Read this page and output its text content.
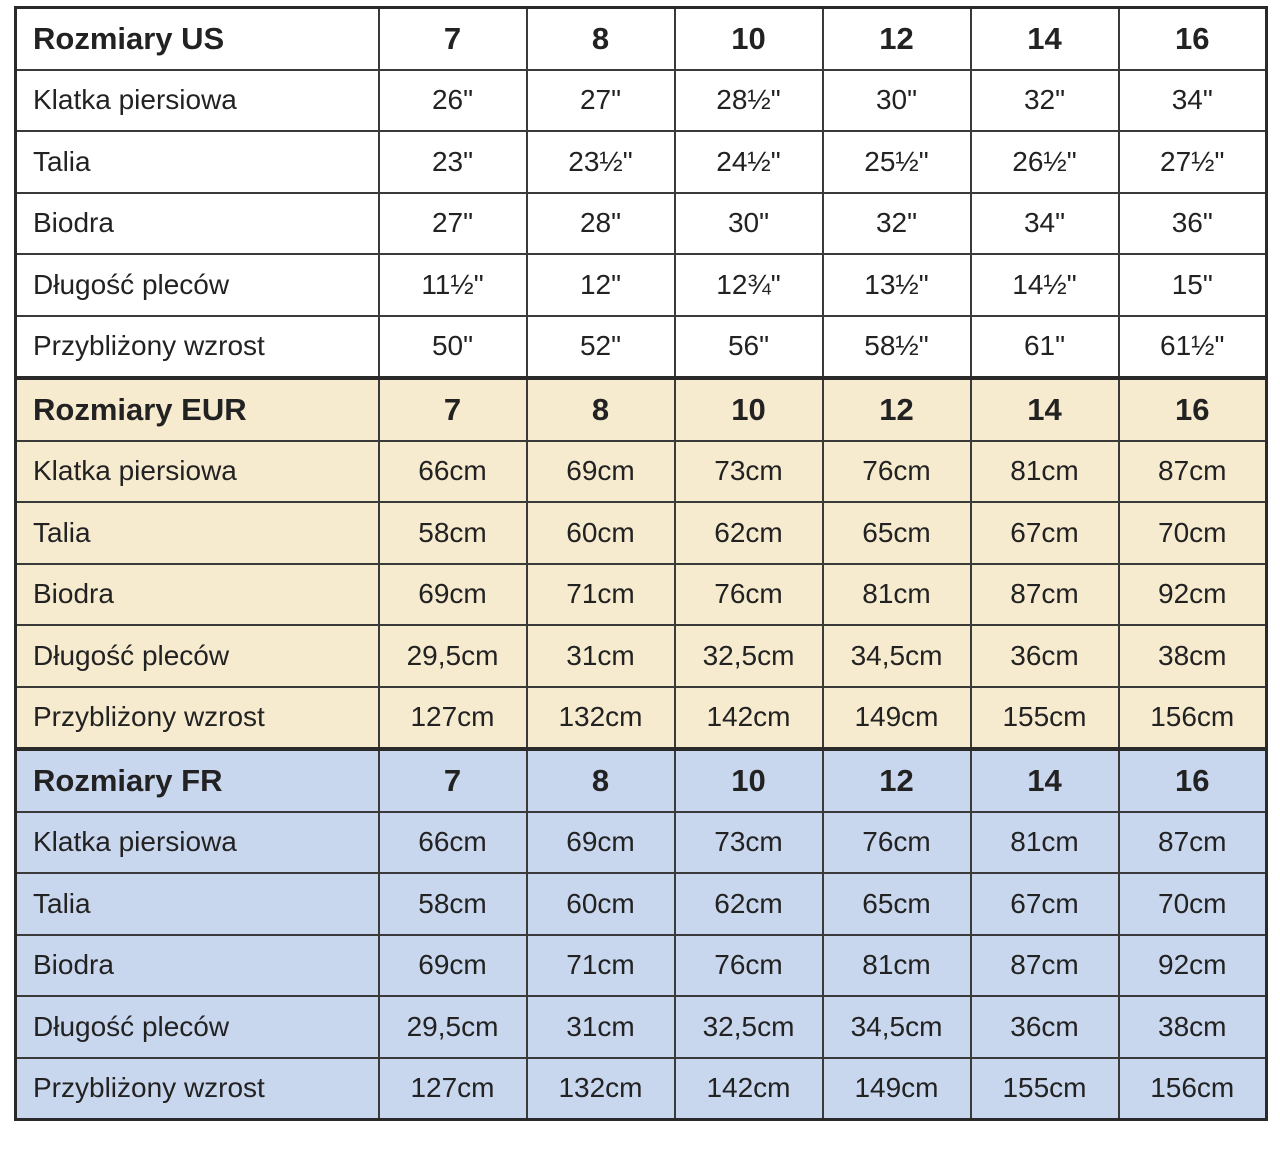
Rozmiary US	7	8	10	12	14	16
Klatka piersiowa	26"	27"	28½"	30"	32"	34"
Talia	23"	23½"	24½"	25½"	26½"	27½"
Biodra	27"	28"	30"	32"	34"	36"
Długość pleców	11½"	12"	12¾"	13½"	14½"	15"
Przybliżony wzrost	50"	52"	56"	58½"	61"	61½"
Rozmiary EUR	7	8	10	12	14	16
Klatka piersiowa	66cm	69cm	73cm	76cm	81cm	87cm
Talia	58cm	60cm	62cm	65cm	67cm	70cm
Biodra	69cm	71cm	76cm	81cm	87cm	92cm
Długość pleców	29,5cm	31cm	32,5cm	34,5cm	36cm	38cm
Przybliżony wzrost	127cm	132cm	142cm	149cm	155cm	156cm
Rozmiary FR	7	8	10	12	14	16
Klatka piersiowa	66cm	69cm	73cm	76cm	81cm	87cm
Talia	58cm	60cm	62cm	65cm	67cm	70cm
Biodra	69cm	71cm	76cm	81cm	87cm	92cm
Długość pleców	29,5cm	31cm	32,5cm	34,5cm	36cm	38cm
Przybliżony wzrost	127cm	132cm	142cm	149cm	155cm	156cm
